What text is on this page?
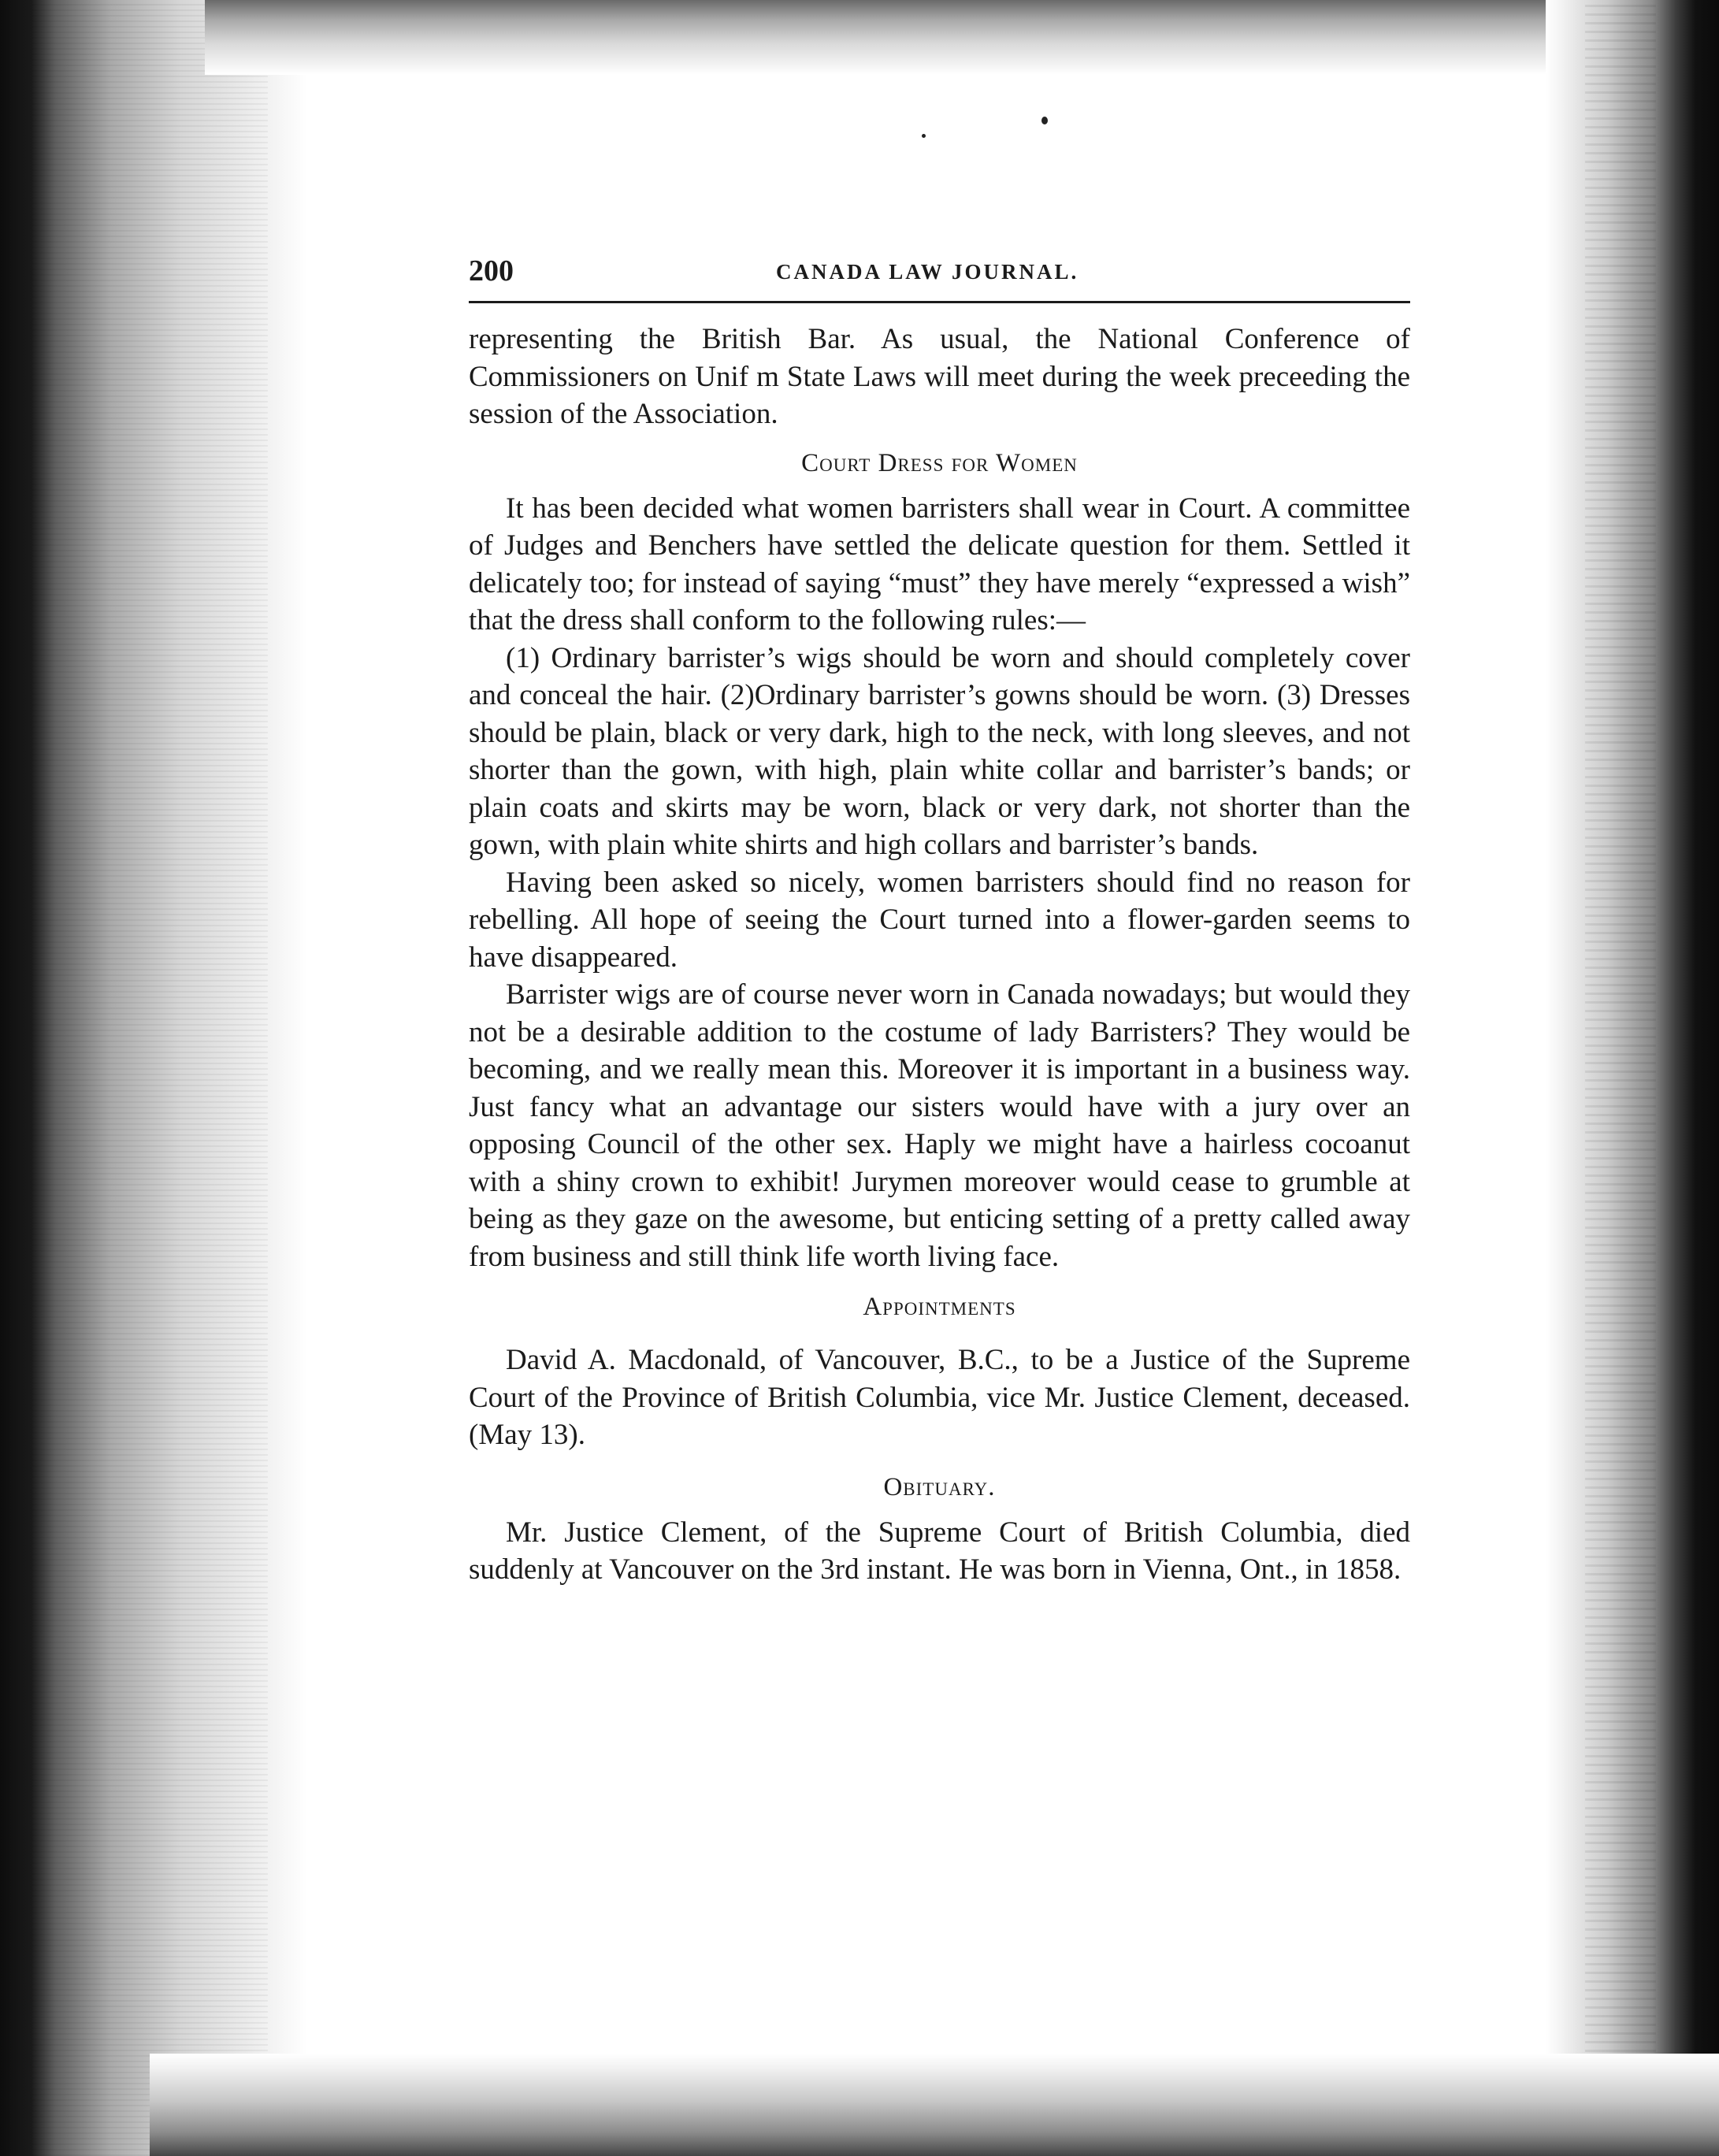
200	CANADA LAW JOURNAL.

representing the British Bar. As usual, the National Conference of Commissioners on Unif m State Laws will meet during the week preceeding the session of the Association.

Court Dress for Women

It has been decided what women barristers shall wear in Court. A committee of Judges and Benchers have settled the delicate question for them. Settled it delicately too; for instead of saying “must” they have merely “expressed a wish” that the dress shall conform to the following rules:—

(1) Ordinary barrister’s wigs should be worn and should completely cover and conceal the hair. (2)Ordinary barrister’s gowns should be worn. (3) Dresses should be plain, black or very dark, high to the neck, with long sleeves, and not shorter than the gown, with high, plain white collar and barrister’s bands; or plain coats and skirts may be worn, black or very dark, not shorter than the gown, with plain white shirts and high collars and barrister’s bands.

Having been asked so nicely, women barristers should find no reason for rebelling. All hope of seeing the Court turned into a flower-garden seems to have disappeared.

Barrister wigs are of course never worn in Canada nowadays; but would they not be a desirable addition to the costume of lady Barristers? They would be becoming, and we really mean this. Moreover it is important in a business way. Just fancy what an advantage our sisters would have with a jury over an opposing Council of the other sex. Haply we might have a hairless cocoanut with a shiny crown to exhibit! Jurymen moreover would cease to grumble at being as they gaze on the awesome, but enticing setting of a pretty called away from business and still think life worth living face.

Appointments

David A. Macdonald, of Vancouver, B.C., to be a Justice of the Supreme Court of the Province of British Columbia, vice Mr. Justice Clement, deceased. (May 13).

Obituary.

Mr. Justice Clement, of the Supreme Court of British Columbia, died suddenly at Vancouver on the 3rd instant. He was born in Vienna, Ont., in 1858.
